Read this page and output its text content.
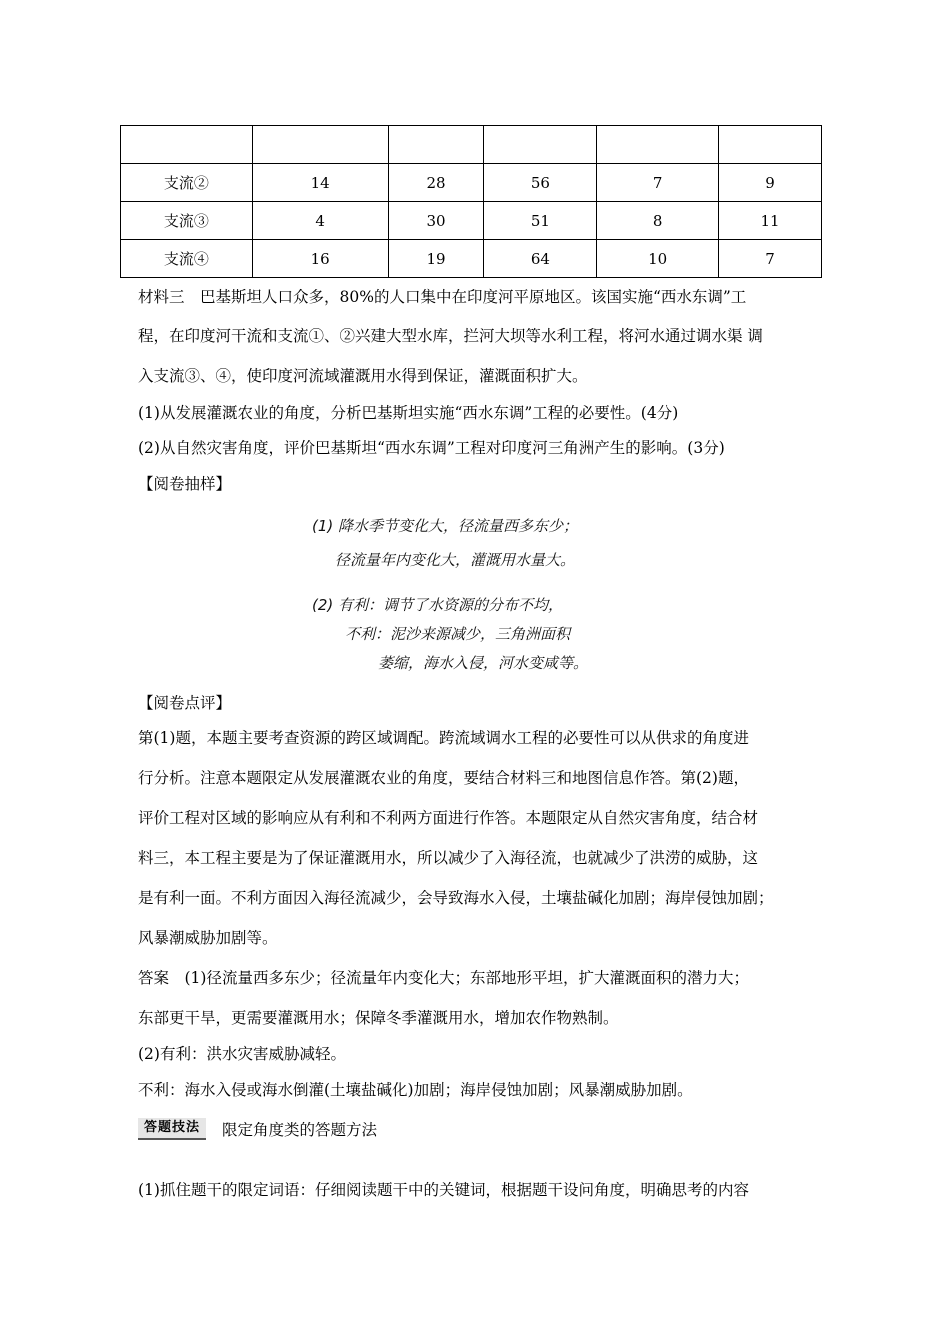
支流②	14	28	56	7	9
支流③	4	30	51	8	11
支流④	16	19	64	10	7
材料三　巴基斯坦人口众多，80%的人口集中在印度河平原地区。该国实施“西水东调”工
程，在印度河干流和支流①、②兴建大型水库，拦河大坝等水利工程，将河水通过调水渠 调
入支流③、④，使印度河流域灌溉用水得到保证，灌溉面积扩大。
(1)从发展灌溉农业的角度，分析巴基斯坦实施“西水东调”工程的必要性。(4分)
(2)从自然灾害角度，评价巴基斯坦“西水东调”工程对印度河三角洲产生的影响。(3分)
【阅卷抽样】
(1) 降水季节变化大，径流量西多东少；
径流量年内变化大，灌溉用水量大。
(2) 有利：调节了水资源的分布不均，
不利：泥沙来源减少，三角洲面积
萎缩，海水入侵，河水变咸等。
【阅卷点评】
第(1)题，本题主要考查资源的跨区域调配。跨流域调水工程的必要性可以从供求的角度进
行分析。注意本题限定从发展灌溉农业的角度，要结合材料三和地图信息作答。第(2)题，
评价工程对区域的影响应从有利和不利两方面进行作答。本题限定从自然灾害角度，结合材
料三，本工程主要是为了保证灌溉用水，所以减少了入海径流，也就减少了洪涝的威胁，这
是有利一面。不利方面因入海径流减少，会导致海水入侵，土壤盐碱化加剧；海岸侵蚀加剧；
风暴潮威胁加剧等。
答案　(1)径流量西多东少；径流量年内变化大；东部地形平坦，扩大灌溉面积的潜力大；
东部更干旱，更需要灌溉用水；保障冬季灌溉用水，增加农作物熟制。
(2)有利：洪水灾害威胁减轻。
不利：海水入侵或海水倒灌(土壤盐碱化)加剧；海岸侵蚀加剧；风暴潮威胁加剧。
答题技法	限定角度类的答题方法
(1)抓住题干的限定词语：仔细阅读题干中的关键词，根据题干设问角度，明确思考的内容
